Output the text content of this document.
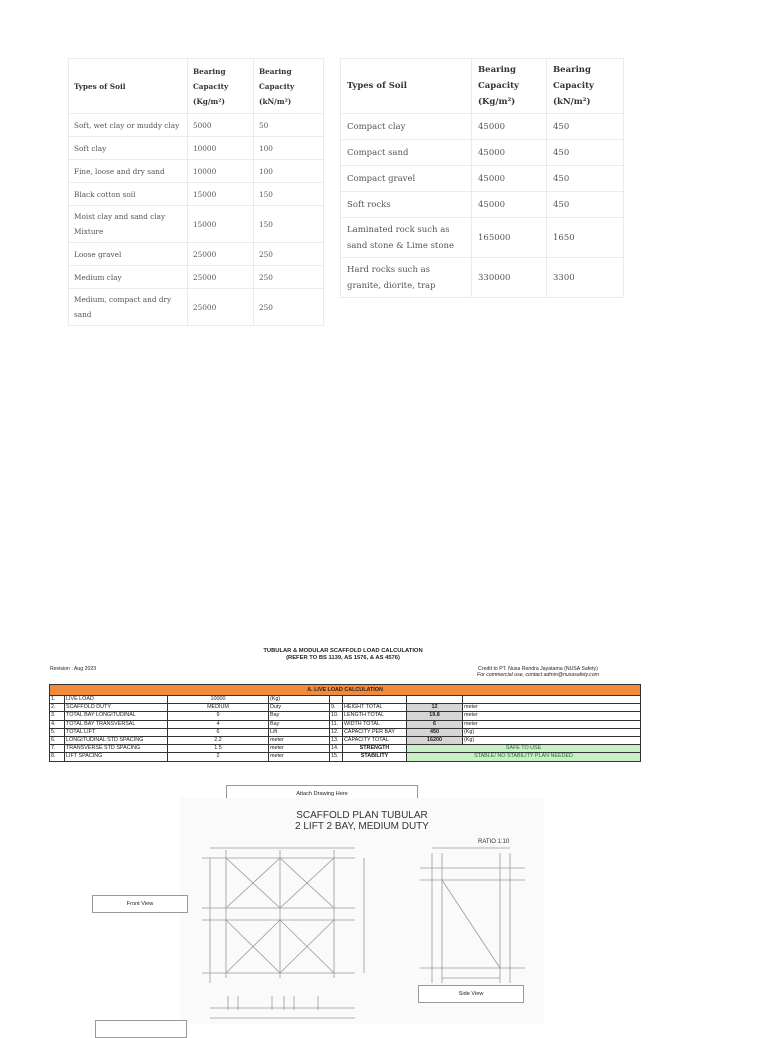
Types of Soil	Bearing Capacity (Kg/m²)	Bearing Capacity (kN/m²)
Soft, wet clay or muddy clay	5000	50
Soft clay	10000	100
Fine, loose and dry sand	10000	100
Black cotton soil	15000	150
Moist clay and sand clay Mixture	15000	150
Loose gravel	25000	250
Medium clay	25000	250
Medium, compact and dry sand	25000	250
Types of Soil	Bearing Capacity (Kg/m²)	Bearing Capacity (kN/m²)
Compact clay	45000	450
Compact sand	45000	450
Compact gravel	45000	450
Soft rocks	45000	450
Laminated rock such as sand stone & Lime stone	165000	1650
Hard rocks such as granite, diorite, trap	330000	3300
TUBULAR & MODULAR SCAFFOLD LOAD CALCULATION
(REFER TO BS 1139, AS 1576, & AS 4576)
Revision : Aug 2023	Credit to PT. Nusa Rendra Jayatama (NUSA Safety)
For commercial use, contact admin@nusasafety.com
A. LIVE LOAD CALCULATION							
1.	LIVE LOAD	10000	(Kg)				
2.	SCAFFOLD DUTY	MEDIUM	Duty	9.	HEIGHT TOTAL	12	meter
3.	TOTAL BAY LONGITUDINAL	9	Bay	10.	LENGTH TOTAL	19.8	meter
4.	TOTAL BAY TRANSVERSAL	4	Bay	11.	WIDTH TOTAL	6	meter
5.	TOTAL LIFT	6	Lift	12.	CAPACITY PER BAY	450	(Kg)
6.	LONGITUDINAL STD SPACING	2.2	meter	13.	CAPACITY TOTAL	16200	(Kg)
7.	TRANSVERSE STD SPACING	1.5	meter	14.	STRENGTH	SAFE TO USE	
8.	LIFT SPACING	2	meter	15.	STABILITY	STABLE/ NO STABILITY PLAN NEEDED	
Attach Drawing Here
SCAFFOLD PLAN TUBULAR
2 LIFT 2 BAY, MEDIUM DUTY
RATIO 1:10
Front View
Side View
